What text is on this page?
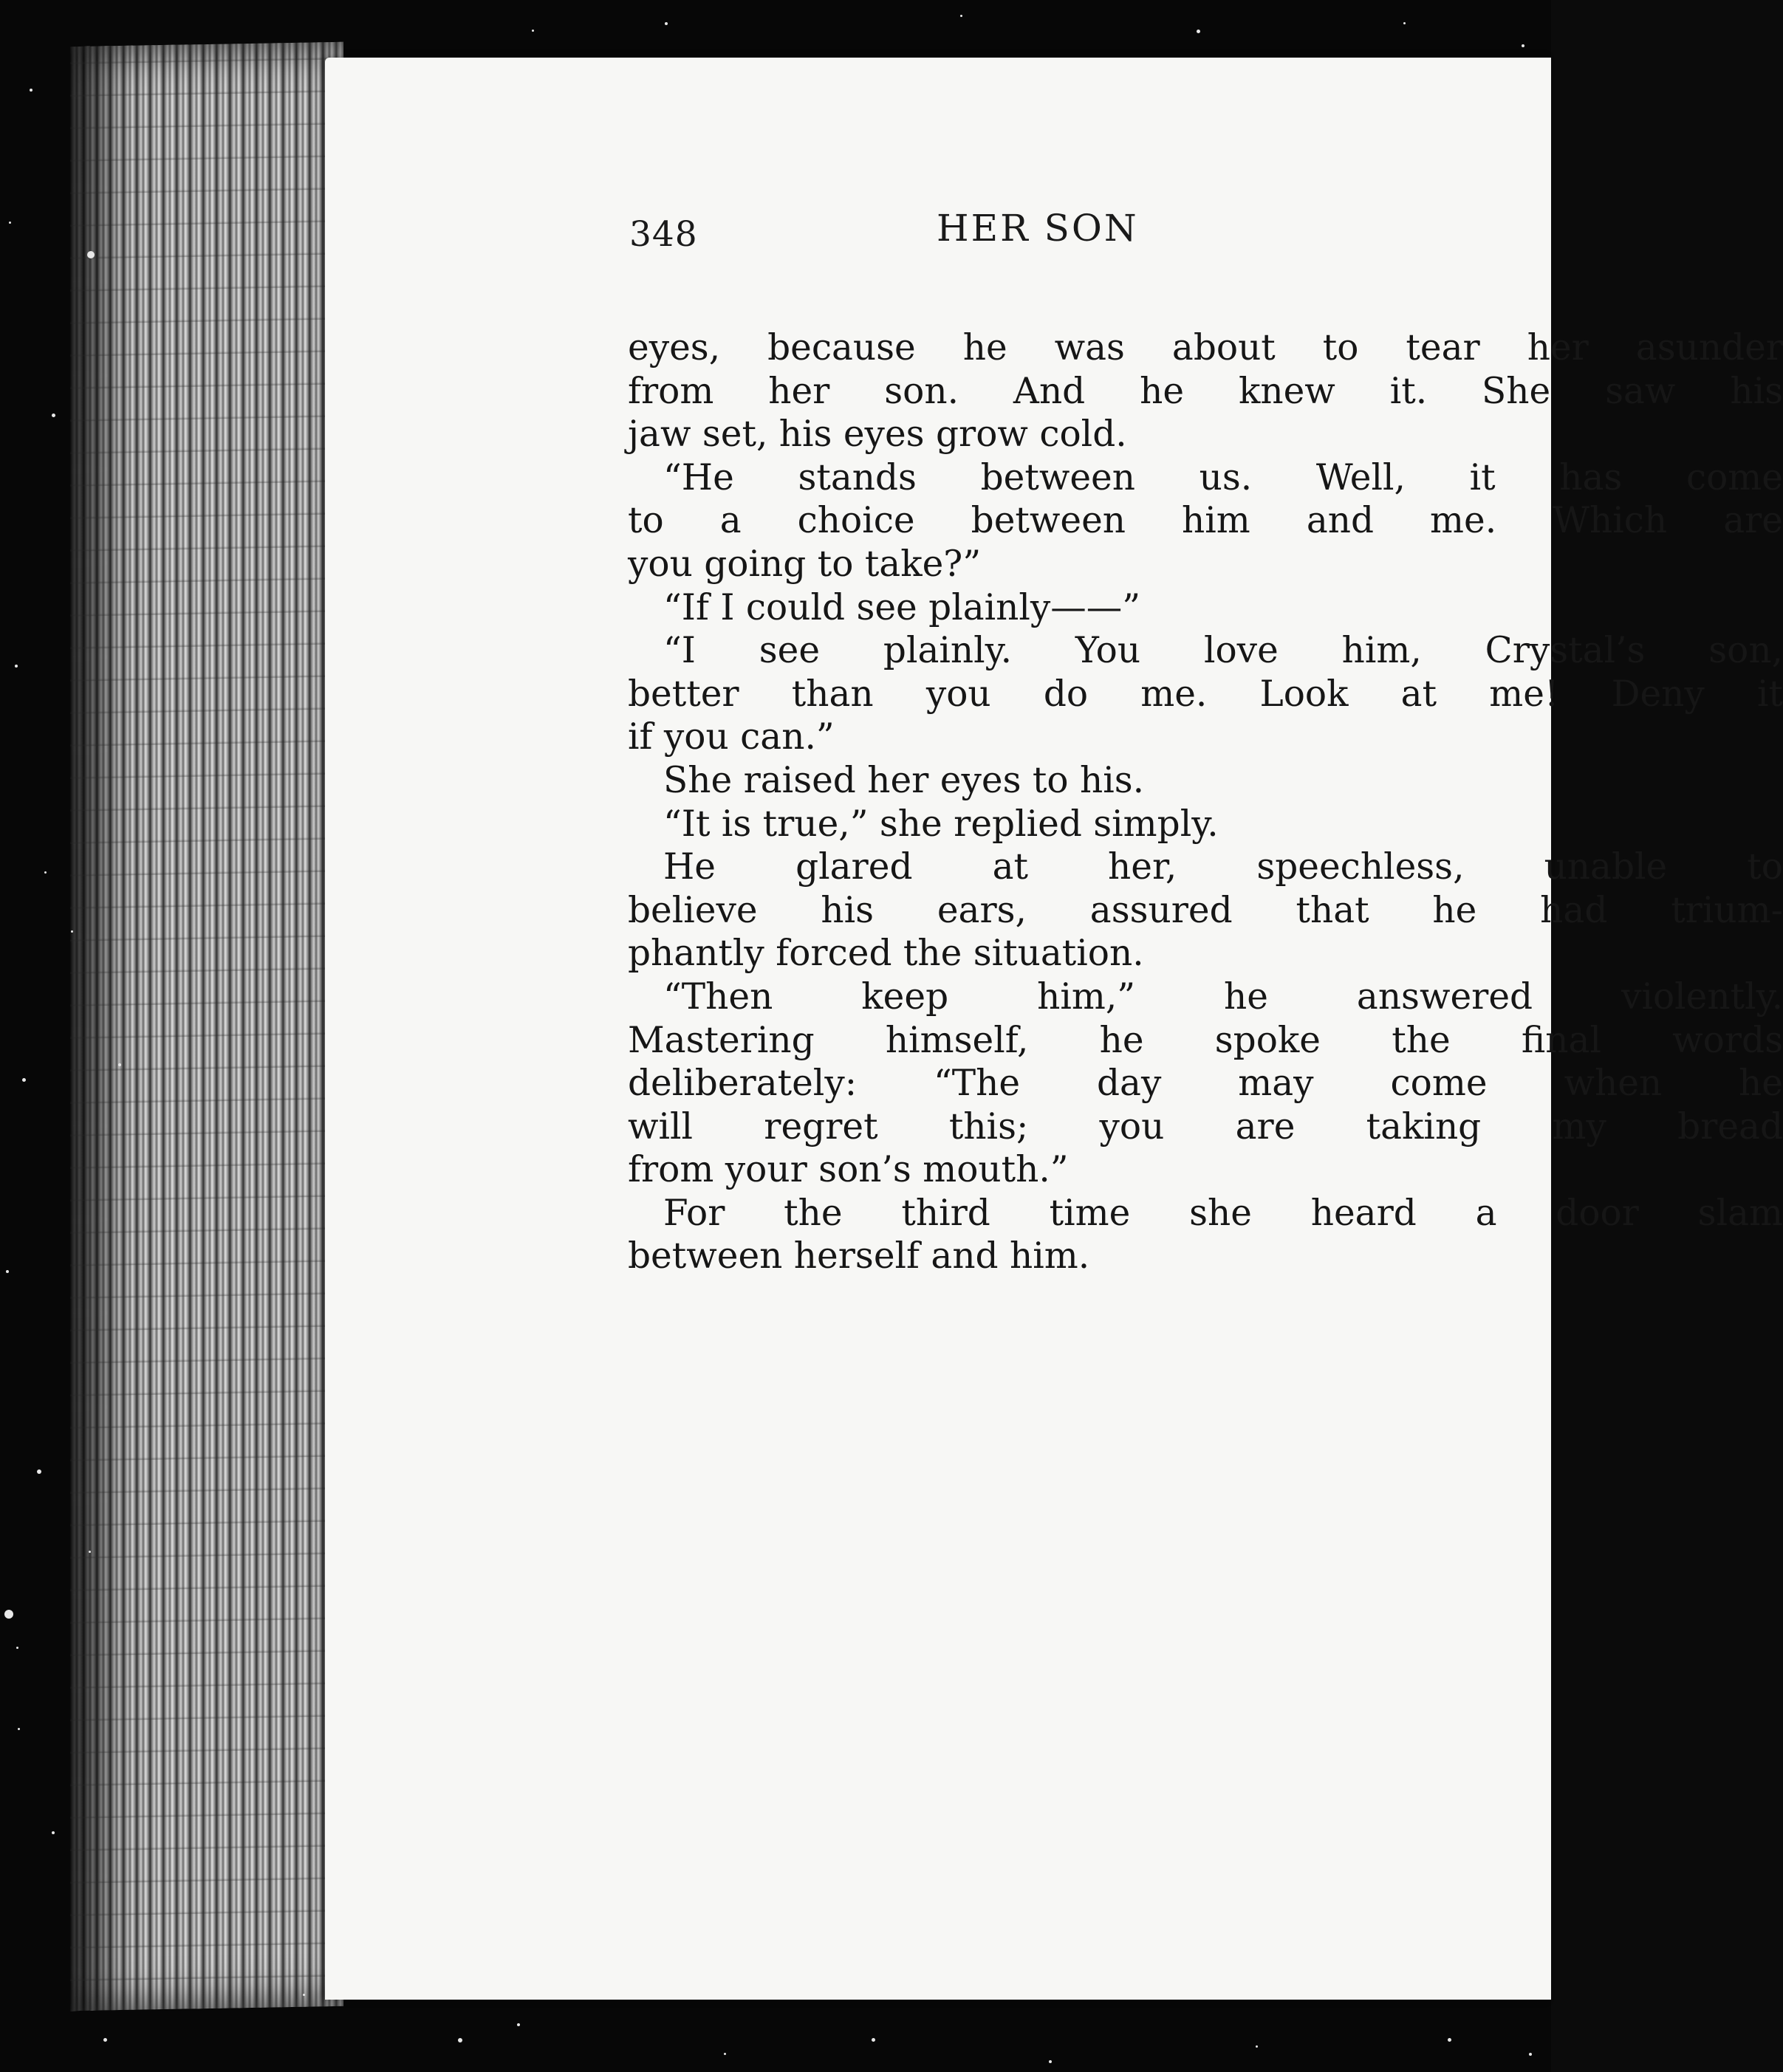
348	HER SON
eyes, because he was about to tear her asunder
from her son. And he knew it. She saw his
jaw set, his eyes grow cold.
“He stands between us. Well, it has come
to a choice between him and me. Which are
you going to take?”
“If I could see plainly——”
“I see plainly. You love him, Crystal’s son,
better than you do me. Look at me! Deny it
if you can.”
She raised her eyes to his.
“It is true,” she replied simply.
He glared at her, speechless, unable to
believe his ears, assured that he had trium-
phantly forced the situation.
“Then keep him,” he answered violently.
Mastering himself, he spoke the final words
deliberately: “The day may come when he
will regret this; you are taking my bread
from your son’s mouth.”
For the third time she heard a door slam
between herself and him.
